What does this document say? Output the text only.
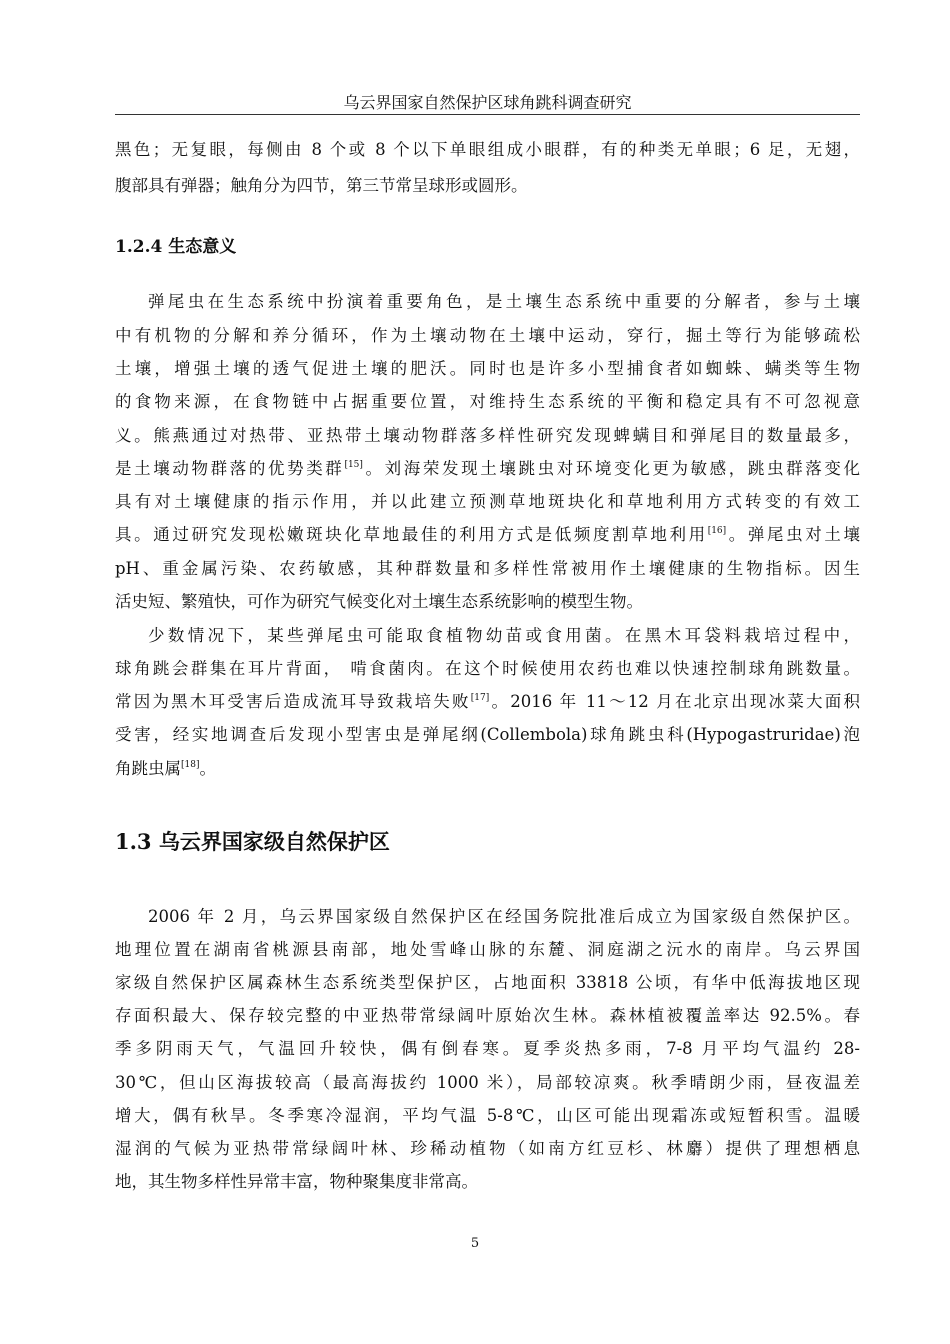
乌云界国家自然保护区球角跳科调查研究
黑色；无复眼，每侧由 8 个或 8 个以下单眼组成小眼群，有的种类无单眼；6 足，无翅，
腹部具有弹器；触角分为四节，第三节常呈球形或圆形。
1.2.4 生态意义
弹尾虫在生态系统中扮演着重要角色，是土壤生态系统中重要的分解者，参与土壤
中有机物的分解和养分循环，作为土壤动物在土壤中运动，穿行，掘土等行为能够疏松
土壤，增强土壤的透气促进土壤的肥沃。同时也是许多小型捕食者如蜘蛛、螨类等生物
的食物来源，在食物链中占据重要位置，对维持生态系统的平衡和稳定具有不可忽视意
义。熊燕通过对热带、亚热带土壤动物群落多样性研究发现蜱螨目和弹尾目的数量最多，
是土壤动物群落的优势类群[15]。刘海荣发现土壤跳虫对环境变化更为敏感，跳虫群落变化
具有对土壤健康的指示作用，并以此建立预测草地斑块化和草地利用方式转变的有效工
具。通过研究发现松嫩斑块化草地最佳的利用方式是低频度割草地利用[16]。弹尾虫对土壤
pH、重金属污染、农药敏感，其种群数量和多样性常被用作土壤健康的生物指标。因生
活史短、繁殖快，可作为研究气候变化对土壤生态系统影响的模型生物。
少数情况下，某些弹尾虫可能取食植物幼苗或食用菌。在黑木耳袋料栽培过程中，
球角跳会群集在耳片背面， 啃食菌肉。在这个时候使用农药也难以快速控制球角跳数量。
常因为黑木耳受害后造成流耳导致栽培失败[17]。2016 年 11～12 月在北京出现冰菜大面积
受害，经实地调查后发现小型害虫是弹尾纲(Collembola)球角跳虫科(Hypogastruridae)泡
角跳虫属[18]。
1.3 乌云界国家级自然保护区
2006 年 2 月，乌云界国家级自然保护区在经国务院批准后成立为国家级自然保护区。
地理位置在湖南省桃源县南部，地处雪峰山脉的东麓、洞庭湖之沅水的南岸。乌云界国
家级自然保护区属森林生态系统类型保护区，占地面积 33818 公顷，有华中低海拔地区现
存面积最大、保存较完整的中亚热带常绿阔叶原始次生林。森林植被覆盖率达 92.5%。春
季多阴雨天气，气温回升较快，偶有倒春寒。夏季炎热多雨，7-8 月平均气温约 28-
30℃，但山区海拔较高（最高海拔约 1000 米），局部较凉爽。秋季晴朗少雨，昼夜温差
增大，偶有秋旱。冬季寒冷湿润，平均气温 5-8℃，山区可能出现霜冻或短暂积雪。温暖
湿润的气候为亚热带常绿阔叶林、珍稀动植物（如南方红豆杉、林麝）提供了理想栖息
地，其生物多样性异常丰富，物种聚集度非常高。
5
